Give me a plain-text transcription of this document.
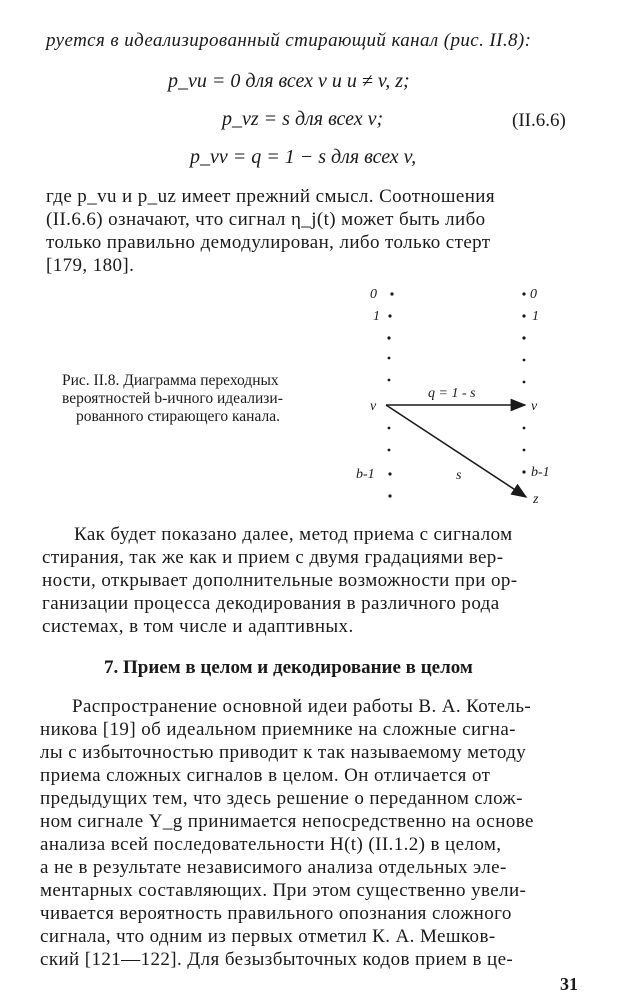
руется в идеализированный стирающий канал (рис. II.8):
p_vu = 0 для всех v и u ≠ v, z;
p_vz = s для всех v;	(II.6.6)
p_vv = q = 1 − s для всех v,
где p_vu и p_uz имеет прежний смысл. Соотношения
(II.6.6) означают, что сигнал η_j(t) может быть либо
только правильно демодулирован, либо только стерт
[179, 180].
Рис. II.8. Диаграмма переходных
вероятностей b-ичного идеализи-
рованного стирающего канала.
0
1
v
b-1
0
1
v
b-1
z
q = 1 - s
s
Как будет показано далее, метод приема с сигналом
стирания, так же как и прием с двумя градациями вер-
ности, открывает дополнительные возможности при ор-
ганизации процесса декодирования в различного рода
системах, в том числе и адаптивных.
7. Прием в целом и декодирование в целом
Распространение основной идеи работы В. А. Котель-
никова [19] об идеальном приемнике на сложные сигна-
лы с избыточностью приводит к так называемому методу
приема сложных сигналов в целом. Он отличается от
предыдущих тем, что здесь решение о переданном слож-
ном сигнале Y_g принимается непосредственно на основе
анализа всей последовательности H(t) (II.1.2) в целом,
а не в результате независимого анализа отдельных эле-
ментарных составляющих. При этом существенно увели-
чивается вероятность правильного опознания сложного
сигнала, что одним из первых отметил К. А. Мешков-
ский [121—122]. Для безызбыточных кодов прием в це-
31
